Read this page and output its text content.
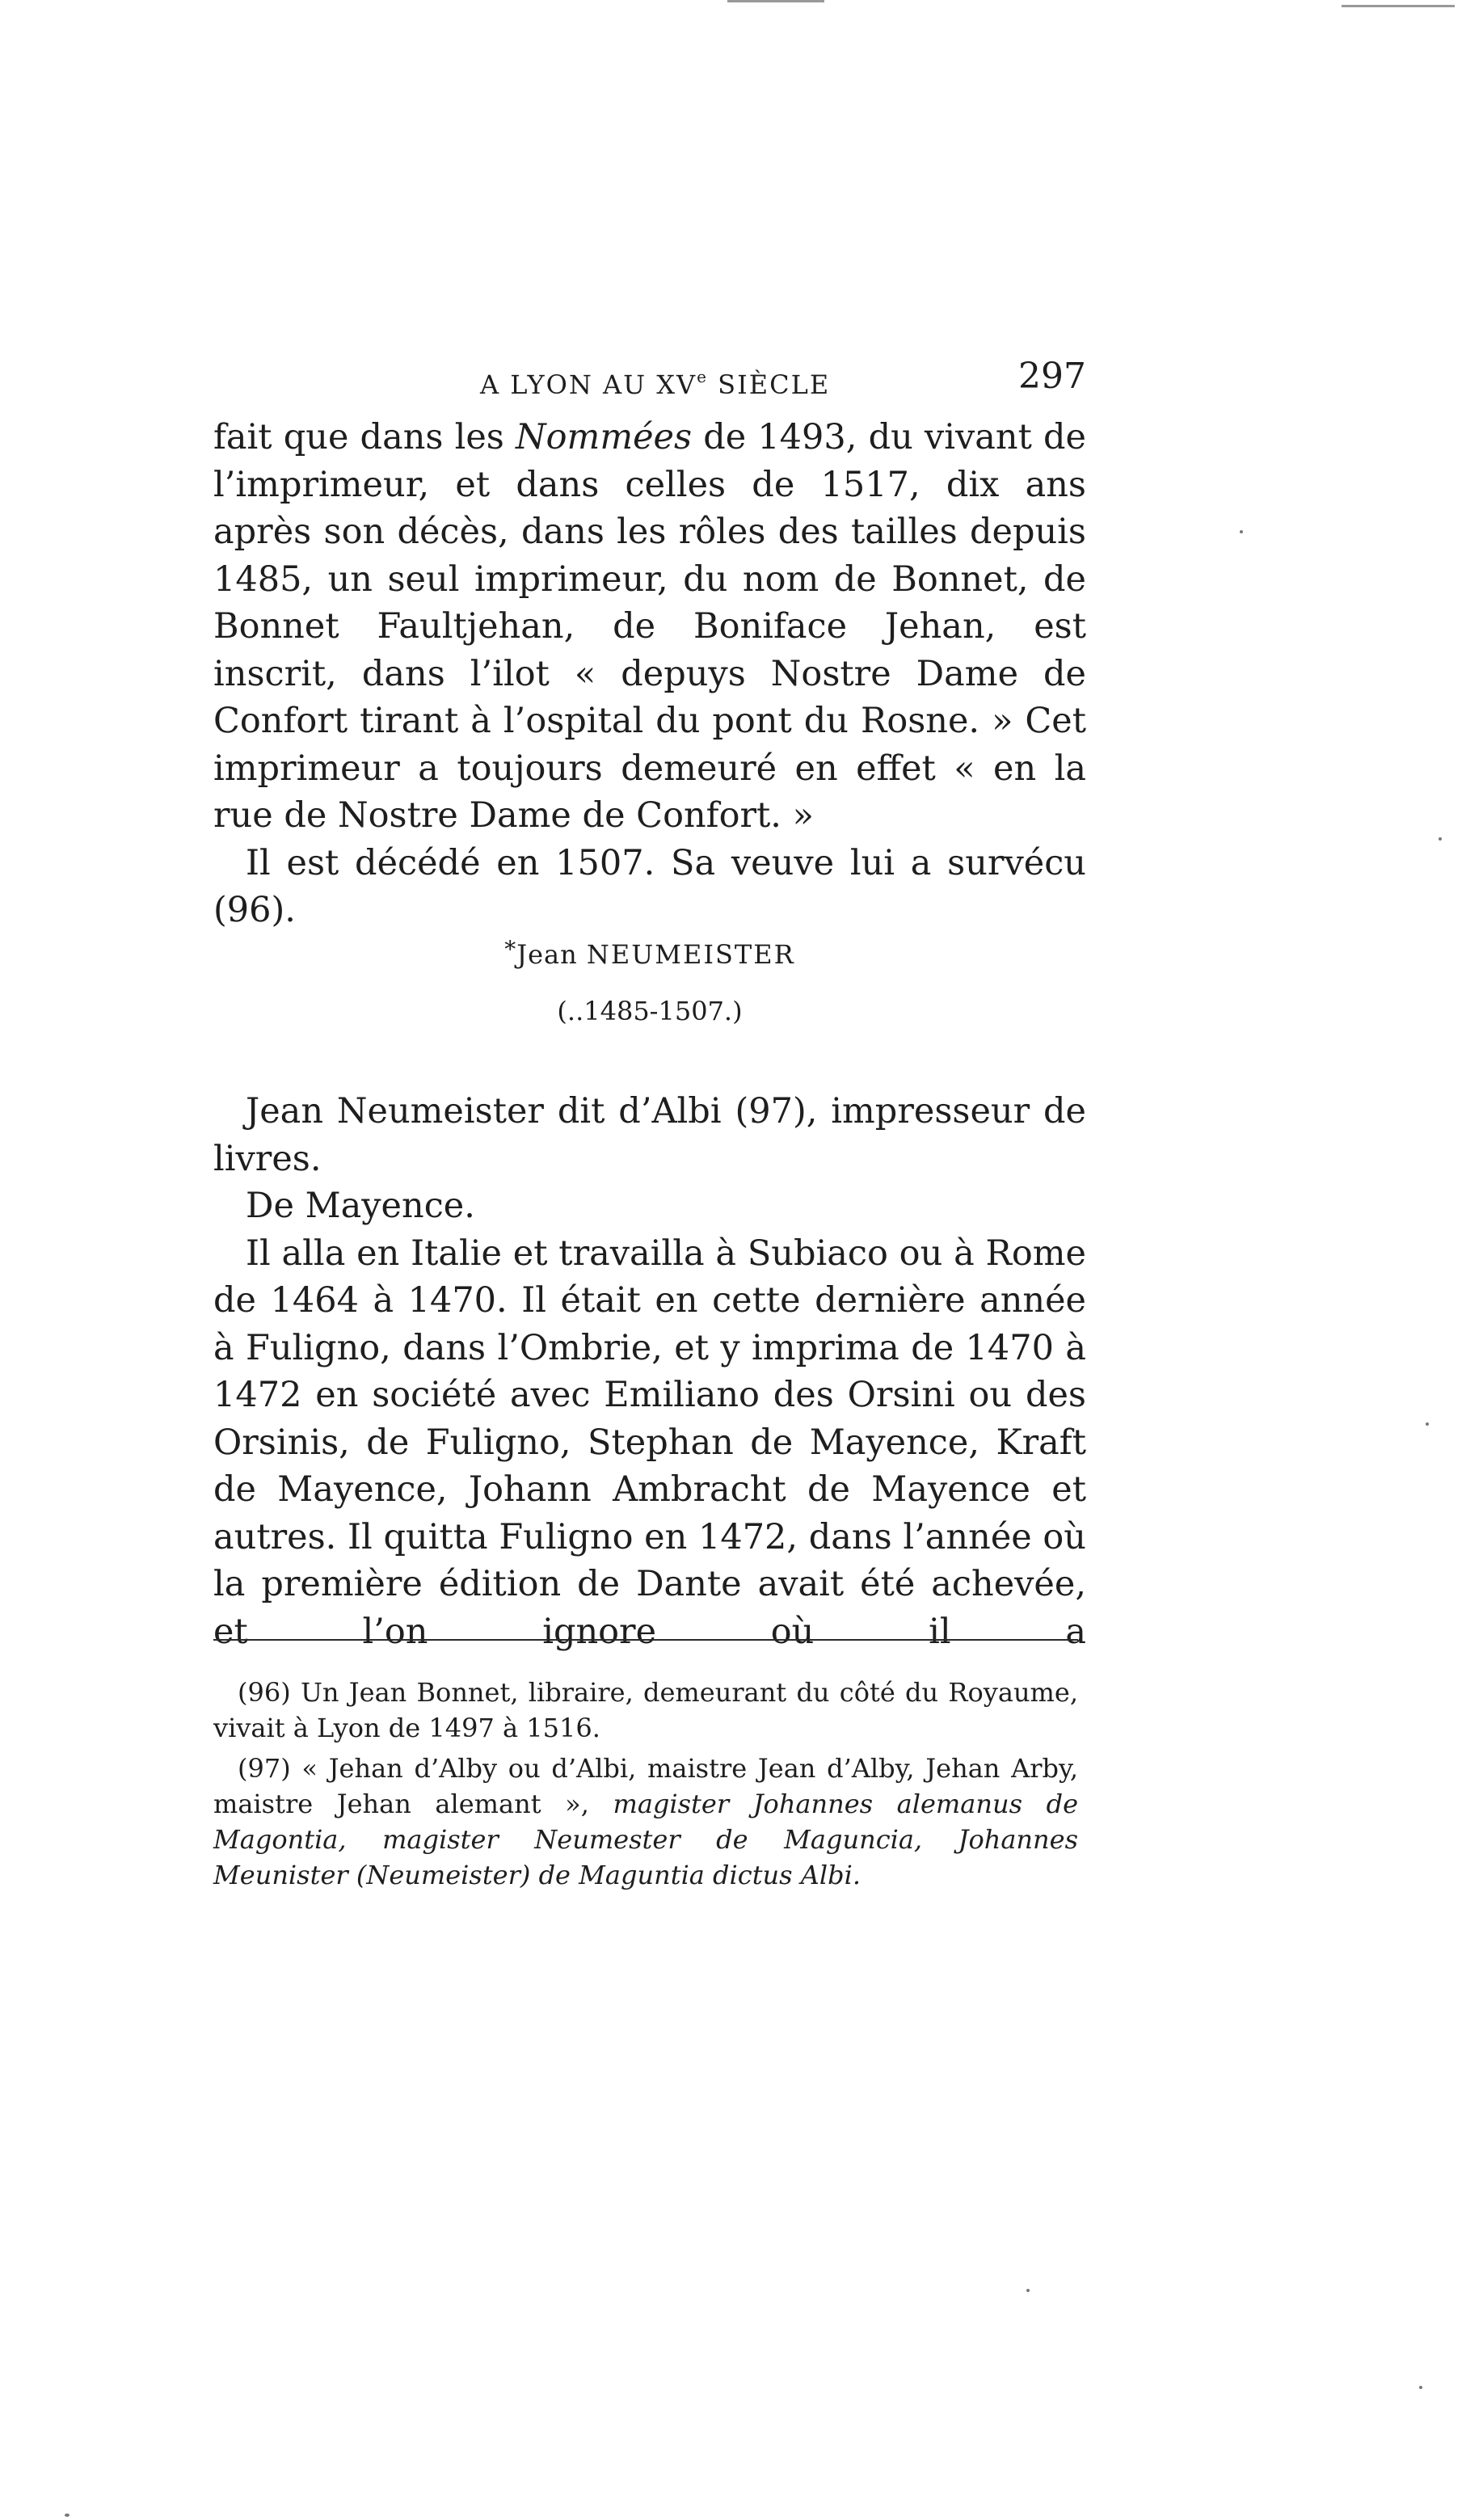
A LYON AU XVe SIÈCLE	297

fait que dans les Nommées de 1493, du vivant de l’imprimeur, et dans celles de 1517, dix ans après son décès, dans les rôles des tailles depuis 1485, un seul imprimeur, du nom de Bonnet, de Bonnet Faultjehan, de Boniface Jehan, est inscrit, dans l’ilot « depuys Nostre Dame de Confort tirant à l’ospital du pont du Rosne. » Cet imprimeur a toujours demeuré en effet « en la rue de Nostre Dame de Confort. »

Il est décédé en 1507. Sa veuve lui a survécu (96).

*Jean NEUMEISTER
(..1485-1507.)

Jean Neumeister dit d’Albi (97), impresseur de livres.

De Mayence.

Il alla en Italie et travailla à Subiaco ou à Rome de 1464 à 1470. Il était en cette dernière année à Fuligno, dans l’Ombrie, et y imprima de 1470 à 1472 en société avec Emiliano des Orsini ou des Orsinis, de Fuligno, Stephan de Mayence, Kraft de Mayence, Johann Ambracht de Mayence et autres. Il quitta Fuligno en 1472, dans l’année où la première édition de Dante avait été achevée, et l’on ignore où il a

(96) Un Jean Bonnet, libraire, demeurant du côté du Royaume, vivait à Lyon de 1497 à 1516.

(97) « Jehan d’Alby ou d’Albi, maistre Jean d’Alby, Jehan Arby, maistre Jehan alemant », magister Johannes alemanus de Magontia, magister Neumester de Maguncia, Johannes Meunister (Neumeister) de Maguntia dictus Albi.
